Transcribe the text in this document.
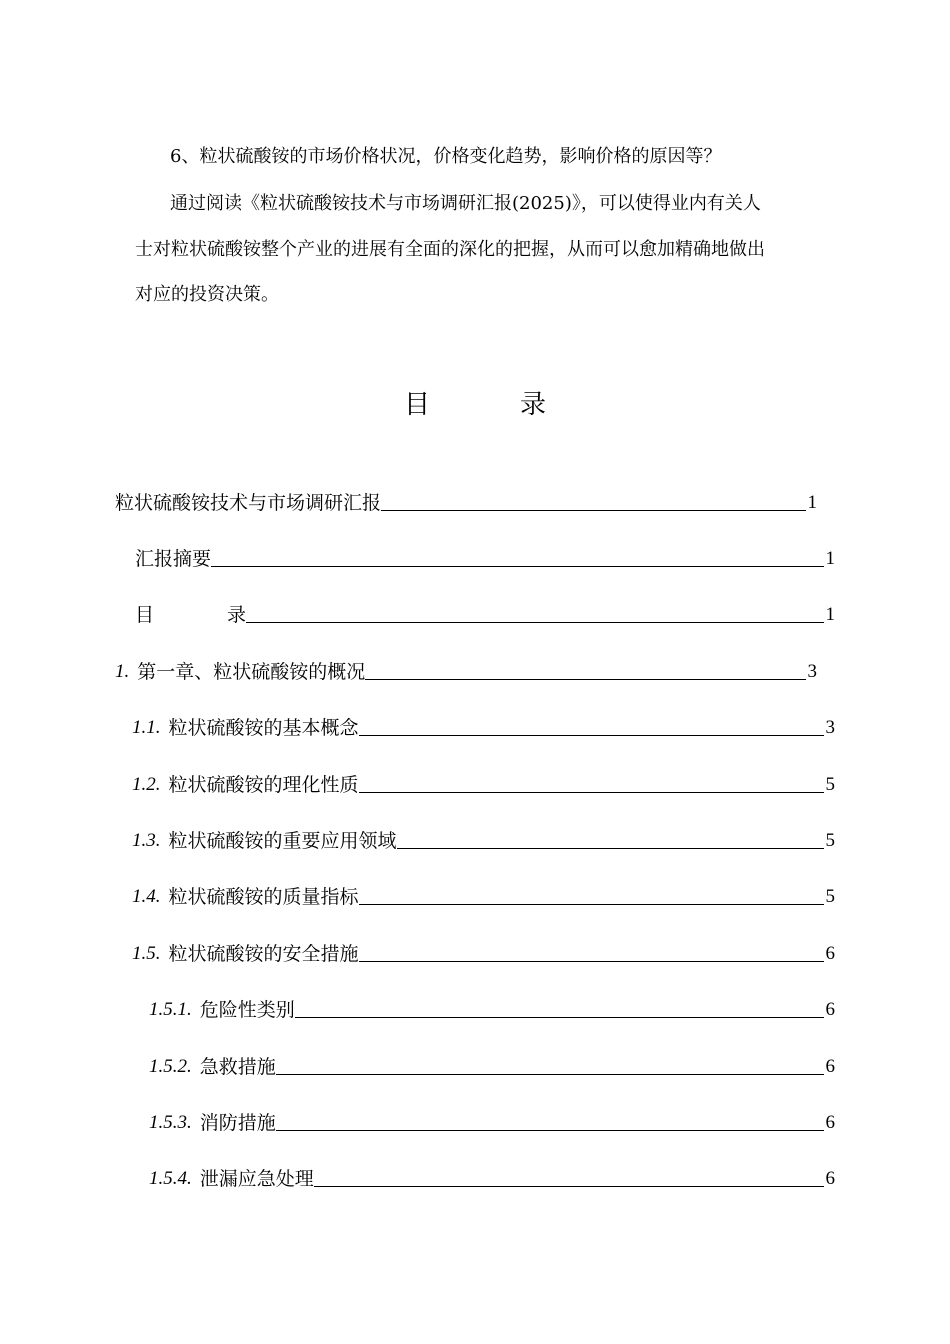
6、粒状硫酸铵的市场价格状况，价格变化趋势，影响价格的原因等？
通过阅读《粒状硫酸铵技术与市场调研汇报(2025)》，可以使得业内有关人
士对粒状硫酸铵整个产业的进展有全面的深化的把握，从而可以愈加精确地做出
对应的投资决策。
目	录
粒状硫酸铵技术与市场调研汇报	1
汇报摘要	1
目	录	1
1. 第一章、粒状硫酸铵的概况	3
1.1. 粒状硫酸铵的基本概念	3
1.2. 粒状硫酸铵的理化性质	5
1.3. 粒状硫酸铵的重要应用领域	5
1.4. 粒状硫酸铵的质量指标	5
1.5. 粒状硫酸铵的安全措施	6
1.5.1. 危险性类别	6
1.5.2. 急救措施	6
1.5.3. 消防措施	6
1.5.4. 泄漏应急处理	6
